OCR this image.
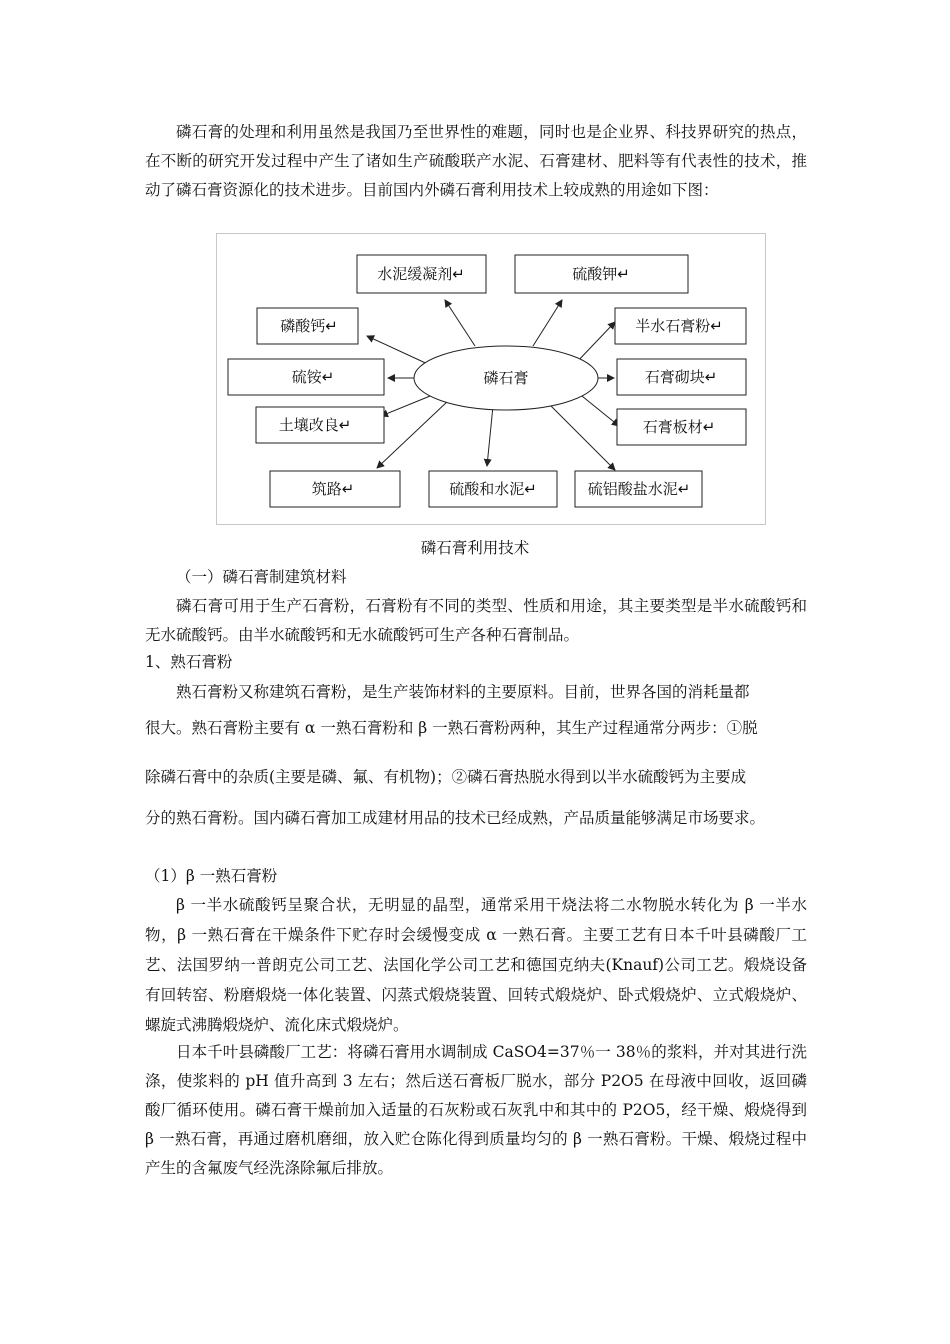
磷石膏的处理和利用虽然是我国乃至世界性的难题，同时也是企业界、科技界研究的热点，在不断的研究开发过程中产生了诸如生产硫酸联产水泥、石膏建材、肥料等有代表性的技术，推动了磷石膏资源化的技术进步。目前国内外磷石膏利用技术上较成熟的用途如下图：

磷石膏
水泥缓凝剂↵	硫酸钾↵
磷酸钙↵	半水石膏粉↵
硫铵↵	石膏砌块↵
土壤改良↵	石膏板材↵
筑路↵	硫酸和水泥↵	硫铝酸盐水泥↵
磷石膏利用技术

（一）磷石膏制建筑材料

磷石膏可用于生产石膏粉，石膏粉有不同的类型、性质和用途，其主要类型是半水硫酸钙和无水硫酸钙。由半水硫酸钙和无水硫酸钙可生产各种石膏制品。

1、熟石膏粉

熟石膏粉又称建筑石膏粉，是生产装饰材料的主要原料。目前，世界各国的消耗量都

很大。熟石膏粉主要有 α 一熟石膏粉和 β 一熟石膏粉两种，其生产过程通常分两步：①脱

除磷石膏中的杂质(主要是磷、氟、有机物)；②磷石膏热脱水得到以半水硫酸钙为主要成

分的熟石膏粉。国内磷石膏加工成建材用品的技术已经成熟，产品质量能够满足市场要求。

（1）β 一熟石膏粉

β 一半水硫酸钙呈聚合状，无明显的晶型，通常采用干烧法将二水物脱水转化为 β 一半水物，β 一熟石膏在干燥条件下贮存时会缓慢变成 α 一熟石膏。主要工艺有日本千叶县磷酸厂工艺、法国罗纳一普朗克公司工艺、法国化学公司工艺和德国克纳夫(Knauf)公司工艺。煅烧设备有回转窑、粉磨煅烧一体化装置、闪蒸式煅烧装置、回转式煅烧炉、卧式煅烧炉、立式煅烧炉、螺旋式沸腾煅烧炉、流化床式煅烧炉。

日本千叶县磷酸厂工艺：将磷石膏用水调制成 CaSO4=37％一 38％的浆料，并对其进行洗涤，使浆料的 pH 值升高到 3 左右；然后送石膏板厂脱水，部分 P2O5 在母液中回收，返回磷酸厂循环使用。磷石膏干燥前加入适量的石灰粉或石灰乳中和其中的 P2O5，经干燥、煅烧得到 β 一熟石膏，再通过磨机磨细，放入贮仓陈化得到质量均匀的 β 一熟石膏粉。干燥、煅烧过程中产生的含氟废气经洗涤除氟后排放。
